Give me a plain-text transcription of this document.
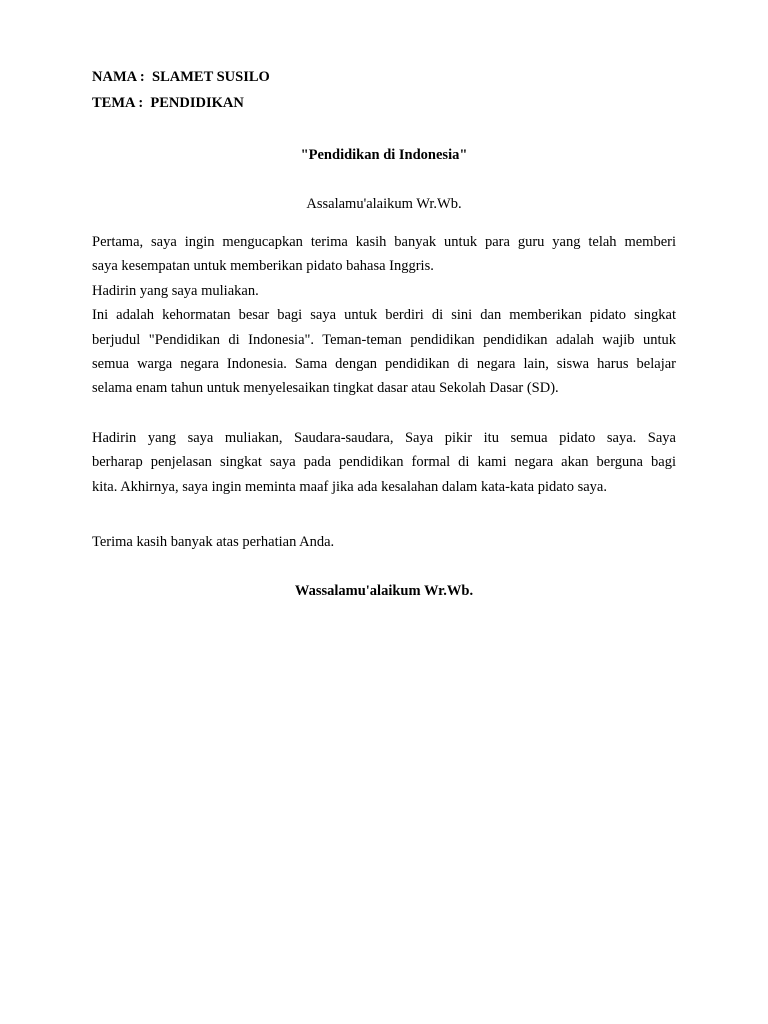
NAMA : SLAMET SUSILO
TEMA : PENDIDIKAN
"Pendidikan di Indonesia"
Assalamu'alaikum Wr.Wb.
Pertama, saya ingin mengucapkan terima kasih banyak untuk para guru yang telah memberi
saya kesempatan untuk memberikan pidato bahasa Inggris.
Hadirin yang saya muliakan.
Ini adalah kehormatan besar bagi saya untuk berdiri di sini dan memberikan pidato singkat
berjudul "Pendidikan di Indonesia". Teman-teman pendidikan pendidikan adalah wajib untuk
semua warga negara Indonesia. Sama dengan pendidikan di negara lain, siswa harus belajar
selama enam tahun untuk menyelesaikan tingkat dasar atau Sekolah Dasar (SD).
Hadirin yang saya muliakan, Saudara-saudara, Saya pikir itu semua pidato saya. Saya
berharap penjelasan singkat saya pada pendidikan formal di kami negara akan berguna bagi
kita. Akhirnya, saya ingin meminta maaf jika ada kesalahan dalam kata-kata pidato saya.
Terima kasih banyak atas perhatian Anda.
Wassalamu'alaikum Wr.Wb.
